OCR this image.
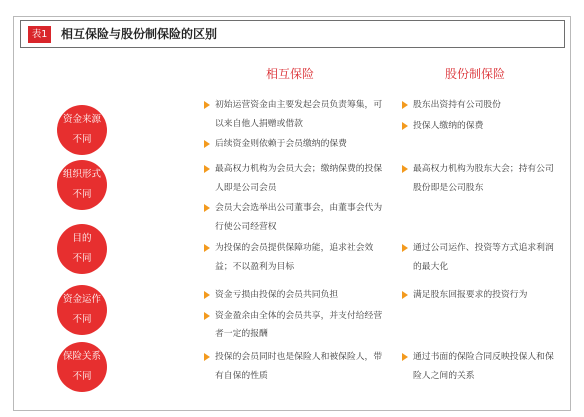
表1	相互保险与股份制保险的区别
相互保险	股份制保险
资金来源
不同
初始运营资金由主要发起会员负责筹集，可以来自他人捐赠或借款
后续资金则依赖于会员缴纳的保费
股东出资持有公司股份
投保人缴纳的保费
组织形式
不同
最高权力机构为会员大会；缴纳保费的投保人即是公司会员
会员大会选举出公司董事会，由董事会代为行使公司经营权
最高权力机构为股东大会；持有公司股份即是公司股东
目的
不同
为投保的会员提供保障功能，追求社会效益；不以盈利为目标
通过公司运作、投资等方式追求利润的最大化
资金运作
不同
资金亏损由投保的会员共同负担
资金盈余由全体的会员共享，并支付给经营者一定的报酬
满足股东回报要求的投资行为
保险关系
不同
投保的会员同时也是保险人和被保险人，带有自保的性质
通过书面的保险合同反映投保人和保险人之间的关系
